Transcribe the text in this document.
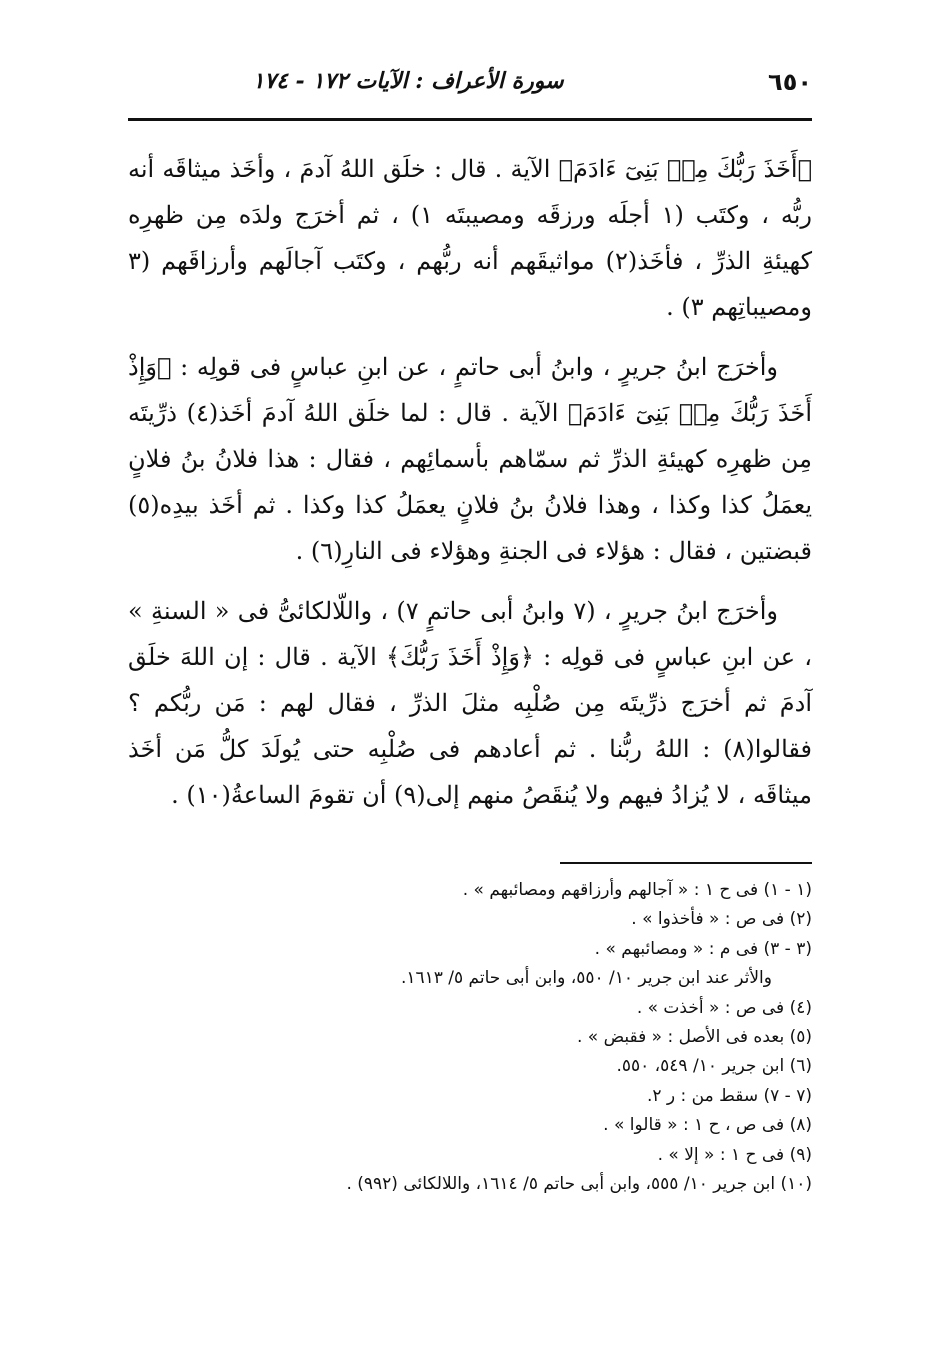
٦٥٠
سورة الأعراف : الآيات ١٧٢ - ١٧٤

﴿أَخَذَ رَبُّكَ مِنۢ بَنِىٓ ءَادَمَ﴾ الآية . قال : خلَق اللهُ آدمَ ، وأخَذ ميثاقَه أنه ربُّه ، وكتَب (١ أجلَه ورزقَه ومصيبتَه ١) ، ثم أخرَج ولدَه مِن ظهرِه كهيئةِ الذرِّ ، فأخَذ(٢) مواثيقَهم أنه ربُّهم ، وكتَب آجالَهم وأرزاقَهم (٣ ومصيباتِهم ٣) .

وأخرَج ابنُ جريرٍ ، وابنُ أبى حاتمٍ ، عن ابنِ عباسٍ فى قولِه : ﴿وَإِذْ أَخَذَ رَبُّكَ مِنۢ بَنِىٓ ءَادَمَ﴾ الآية . قال : لما خلَق اللهُ آدمَ أخَذ(٤) ذرِّيتَه مِن ظهرِه كهيئةِ الذرِّ ثم سمّاهم بأسمائِهم ، فقال : هذا فلانُ بنُ فلانٍ يعمَلُ كذا وكذا ، وهذا فلانُ بنُ فلانٍ يعمَلُ كذا وكذا . ثم أخَذ بيدِه(٥) قبضتين ، فقال : هؤلاء فى الجنةِ وهؤلاء فى النارِ(٦) .

وأخرَج ابنُ جريرٍ ، (٧ وابنُ أبى حاتمٍ ٧) ، واللّالكائىُّ فى « السنةِ » ، عن ابنِ عباسٍ فى قولِه : ﴿وَإِذْ أَخَذَ رَبُّكَ﴾ الآية . قال : إن اللهَ خلَق آدمَ ثم أخرَج ذرِّيتَه مِن صُلْبِه مثلَ الذرِّ ، فقال لهم : مَن ربُّكم ؟ فقالوا(٨) : اللهُ ربُّنا . ثم أعادهم فى صُلْبِه حتى يُولَدَ كلُّ مَن أخَذ ميثاقَه ، لا يُزادُ فيهم ولا يُنقَصُ منهم إلى(٩) أن تقومَ الساعةُ(١٠) .

(١ - ١) فى ح ١ : « آجالهم وأرزاقهم ومصائبهم » .
(٢) فى ص : « فأخذوا » .
(٣ - ٣) فى م : « ومصائبهم » .
والأثر عند ابن جرير ١٠/ ٥٥٠، وابن أبى حاتم ٥/ ١٦١٣.
(٤) فى ص : « أخذت » .
(٥) بعده فى الأصل : « فقبض » .
(٦) ابن جرير ١٠/ ٥٤٩، ٥٥٠.
(٧ - ٧) سقط من : ر ٢.
(٨) فى ص ، ح ١ : « قالوا » .
(٩) فى ح ١ : « إلا » .
(١٠) ابن جرير ١٠/ ٥٥٥، وابن أبى حاتم ٥/ ١٦١٤، واللالكائى (٩٩٢) .
